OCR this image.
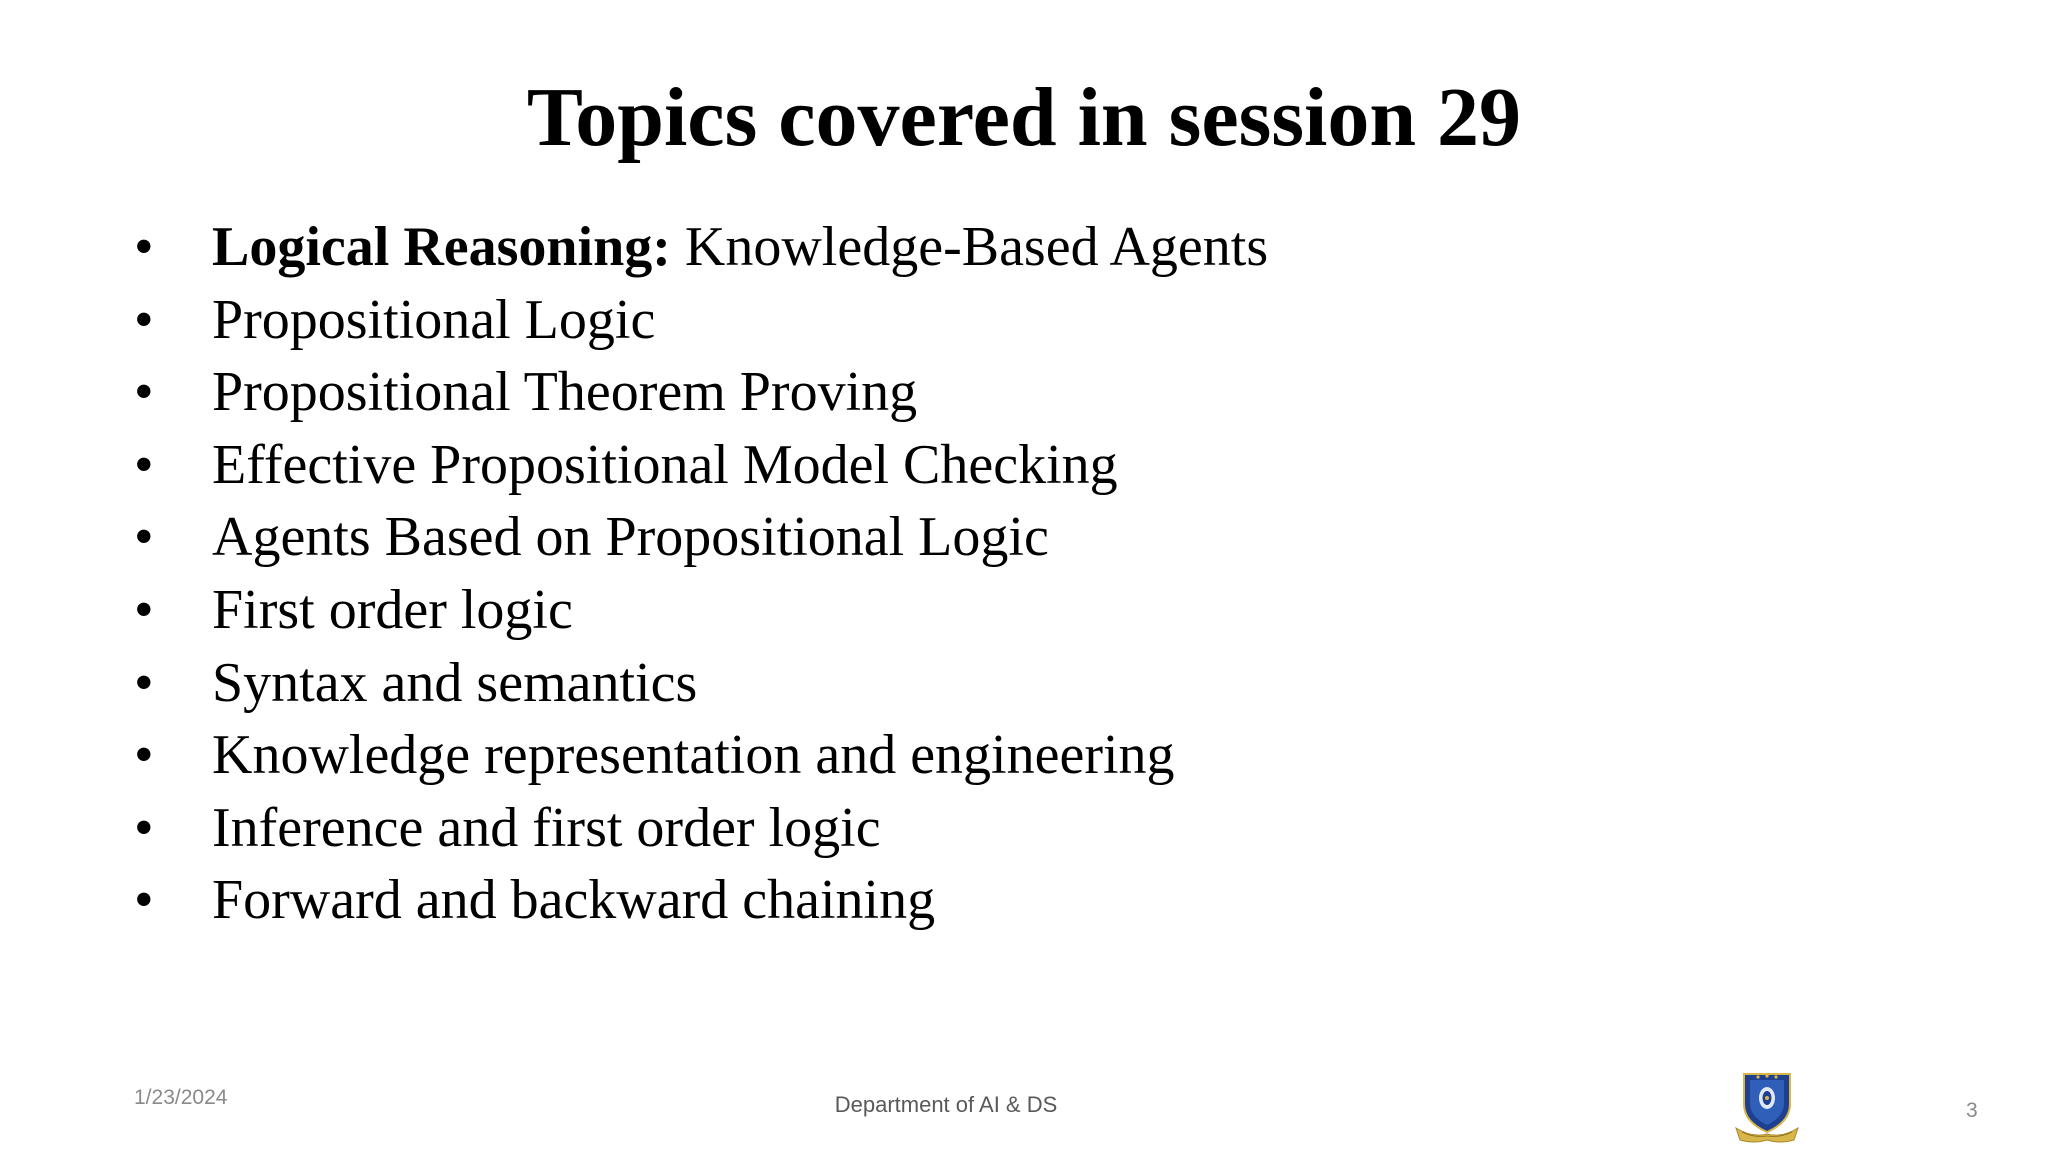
Topics covered in session 29
• Logical Reasoning: Knowledge-Based Agents
• Propositional Logic
• Propositional Theorem Proving
• Effective Propositional Model Checking
• Agents Based on Propositional Logic
• First order logic
• Syntax and semantics
• Knowledge representation and engineering
• Inference and first order logic
• Forward and backward chaining
1/23/2024	Department of AI & DS	3
